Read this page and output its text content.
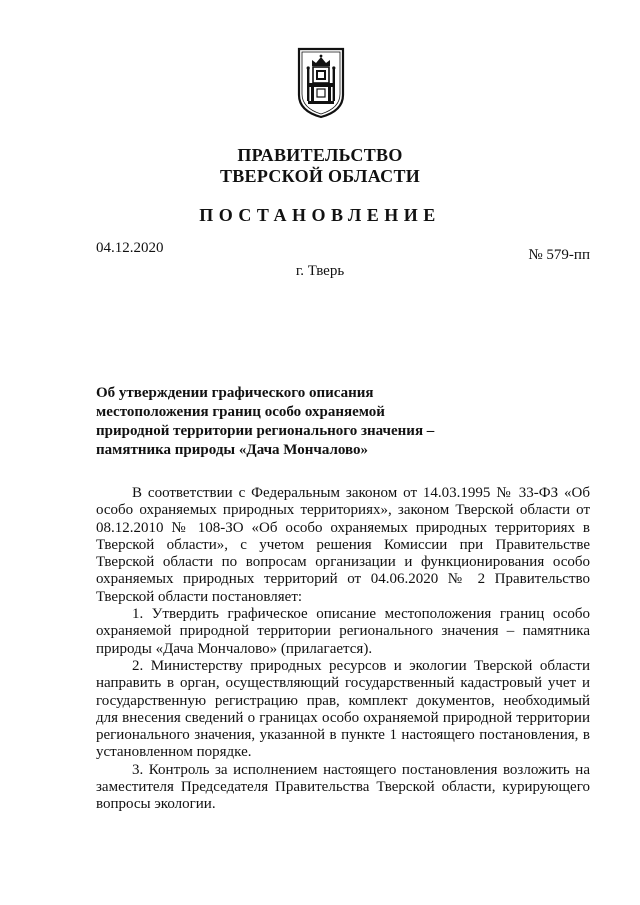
ПРАВИТЕЛЬСТВО
ТВЕРСКОЙ ОБЛАСТИ
ПОСТАНОВЛЕНИЕ
04.12.2020	№ 579-пп
г. Тверь
Об утверждении графического описания
местоположения границ особо охраняемой
природной территории регионального значения –
памятника природы «Дача Мончалово»

В соответствии с Федеральным законом от 14.03.1995 № 33-ФЗ «Об особо охраняемых природных территориях», законом Тверской области от 08.12.2010 № 108-ЗО «Об особо охраняемых природных территориях в Тверской области», с учетом решения Комиссии при Правительстве Тверской области по вопросам организации и функционирования особо охраняемых природных территорий от 04.06.2020 № 2 Правительство Тверской области постановляет:

1. Утвердить графическое описание местоположения границ особо охраняемой природной территории регионального значения – памятника природы «Дача Мончалово» (прилагается).

2. Министерству природных ресурсов и экологии Тверской области направить в орган, осуществляющий государственный кадастровый учет и государственную регистрацию прав, комплект документов, необходимый для внесения сведений о границах особо охраняемой природной территории регионального значения, указанной в пункте 1 настоящего постановления, в установленном порядке.

3. Контроль за исполнением настоящего постановления возложить на заместителя Председателя Правительства Тверской области, курирующего вопросы экологии.
